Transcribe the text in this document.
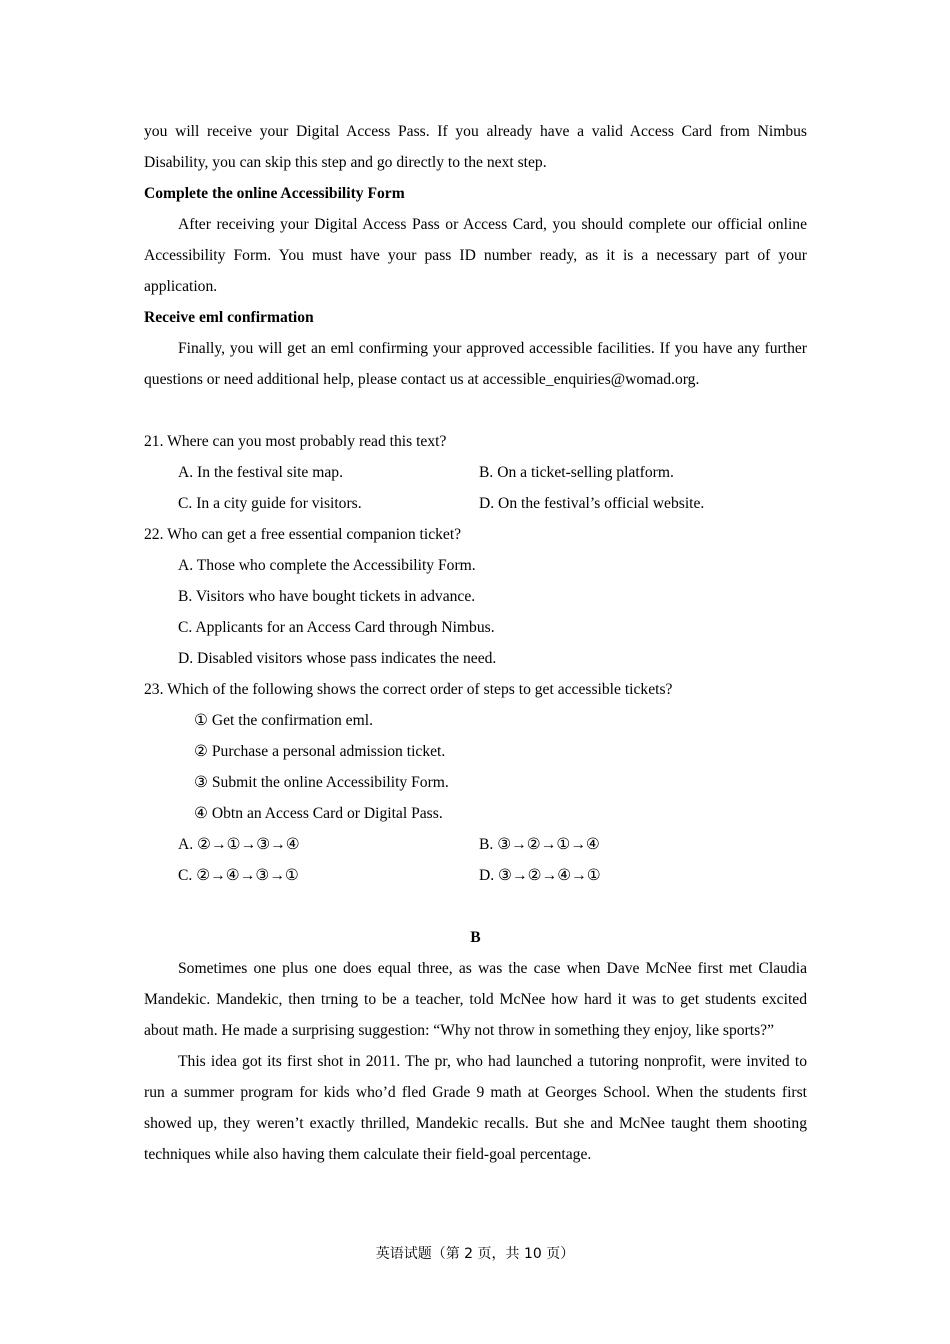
you will receive your Digital Access Pass. If you already have a valid Access Card from Nimbus Disability, you can skip this step and go directly to the next step.

Complete the online Accessibility Form

After receiving your Digital Access Pass or Access Card, you should complete our official online Accessibility Form. You must have your pass ID number ready, as it is a necessary part of your application.

Receive eml confirmation

Finally, you will get an eml confirming your approved accessible facilities. If you have any further questions or need additional help, please contact us at accessible_enquiries@womad.org.

21. Where can you most probably read this text?

A. In the festival site map.	B. On a ticket-selling platform.
C. In a city guide for visitors.	D. On the festival’s official website.

22. Who can get a free essential companion ticket?

A. Those who complete the Accessibility Form.

B. Visitors who have bought tickets in advance.

C. Applicants for an Access Card through Nimbus.

D. Disabled visitors whose pass indicates the need.

23. Which of the following shows the correct order of steps to get accessible tickets?

① Get the confirmation eml.

② Purchase a personal admission ticket.

③ Submit the online Accessibility Form.

④ Obtn an Access Card or Digital Pass.

A. ②→①→③→④	B. ③→②→①→④
C. ②→④→③→①	D. ③→②→④→①

B

Sometimes one plus one does equal three, as was the case when Dave McNee first met Claudia Mandekic. Mandekic, then trning to be a teacher, told McNee how hard it was to get students excited about math. He made a surprising suggestion: “Why not throw in something they enjoy, like sports?”

This idea got its first shot in 2011. The pr, who had launched a tutoring nonprofit, were invited to run a summer program for kids who’d fled Grade 9 math at Georges School. When the students first showed up, they weren’t exactly thrilled, Mandekic recalls. But she and McNee taught them shooting techniques while also having them calculate their field-goal percentage.

英语试题（第 2 页，共 10 页）
